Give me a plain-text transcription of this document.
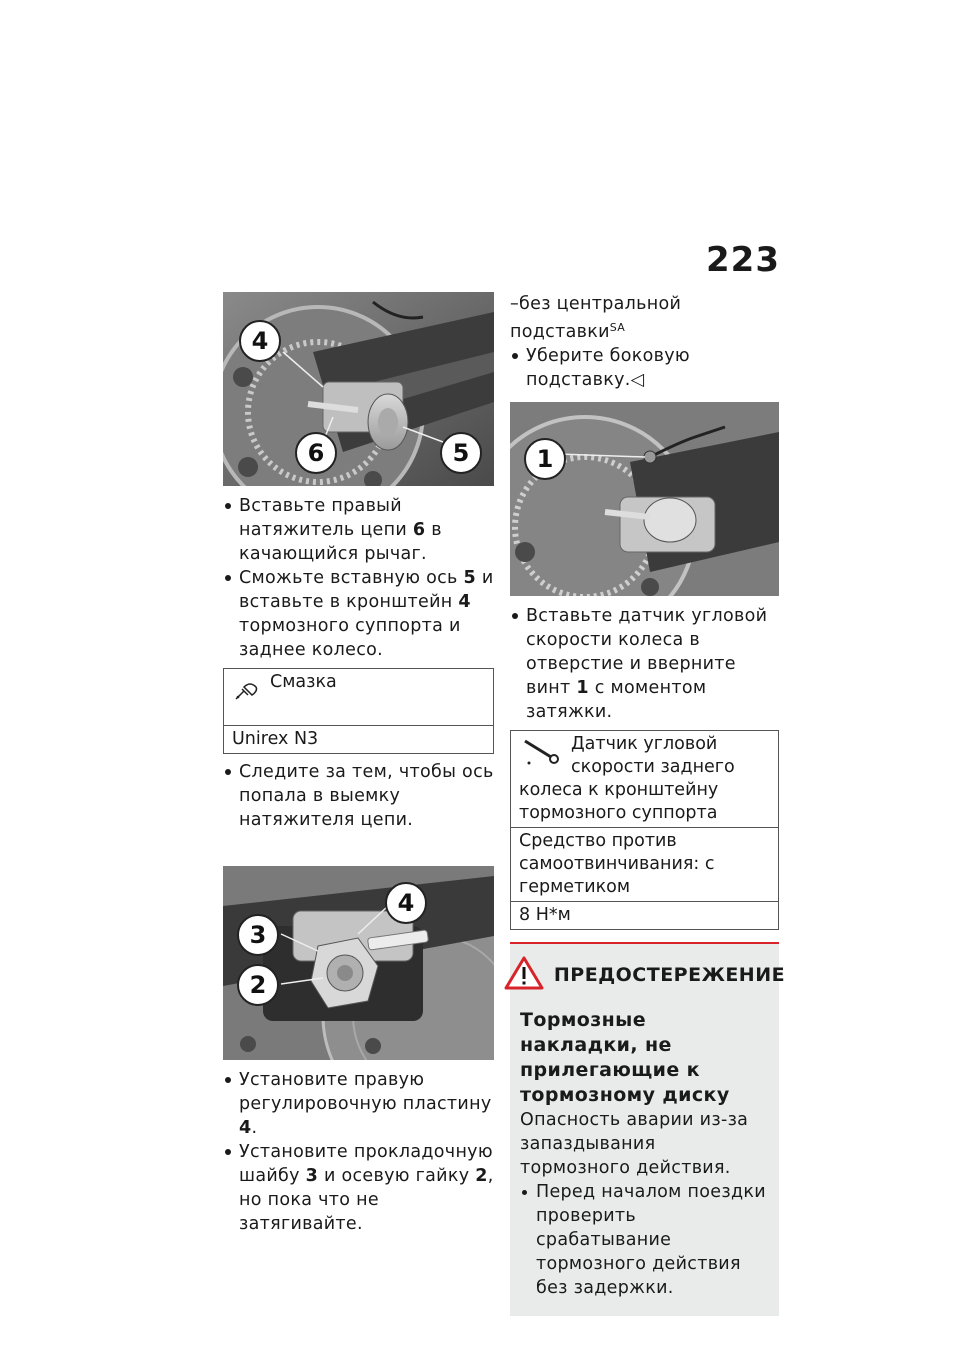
223
4
6	5
Вставьте правый натяжитель цепи 6 в качающийся рычаг.
Сможьте вставную ось 5 и вставьте в кронштейн 4 тормозного суппорта и заднее колесо.
Смазка
Unirex N3
Следите за тем, чтобы ось попала в выемку натяжителя цепи.
4
3
2
Установите правую регулировочную пластину 4.
Установите прокладочную шайбу 3 и осевую гайку 2, но пока что не затягивайте.
–без центральной подставки$^{SA}$
Уберите боковую подставку.◁
1
Вставьте датчик угловой скорости колеса в отверстие и вверните винт 1 с моментом затяжки.
Датчик угловой скорости заднего колеса к кронштейну тормозного суппорта
Средство против самоотвинчивания: с герметиком
8 Н*м
ПРЕДОСТЕРЕЖЕНИЕ
Тормозные накладки, не прилегающие к тормозному диску
Опасность аварии из-за запаздывания тормозного действия.
Перед началом поездки проверить срабатывание тормозного действия без задержки.
